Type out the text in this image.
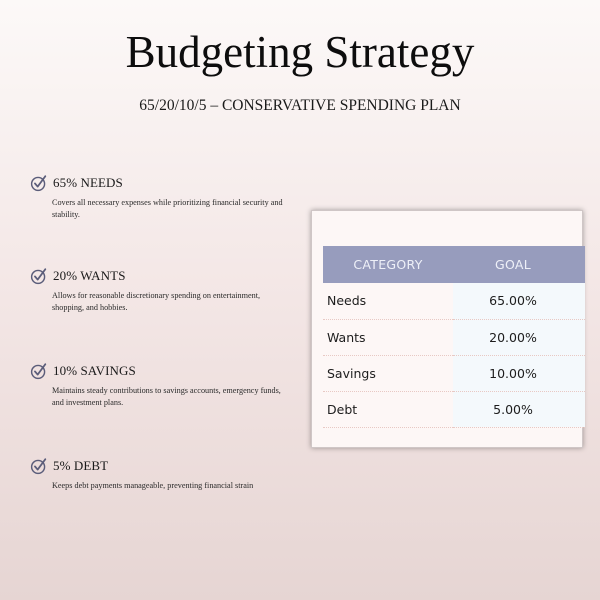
Budgeting Strategy
65/20/10/5 – CONSERVATIVE SPENDING PLAN
65% NEEDS
Covers all necessary expenses while prioritizing financial security and stability.
20% WANTS
Allows for reasonable discretionary spending on entertainment, shopping, and hobbies.
10% SAVINGS
Maintains steady contributions to savings accounts, emergency funds, and investment plans.
5% DEBT
Keeps debt payments manageable, preventing financial strain
CATEGORY	GOAL
Needs	65.00%
Wants	20.00%
Savings	10.00%
Debt	5.00%
